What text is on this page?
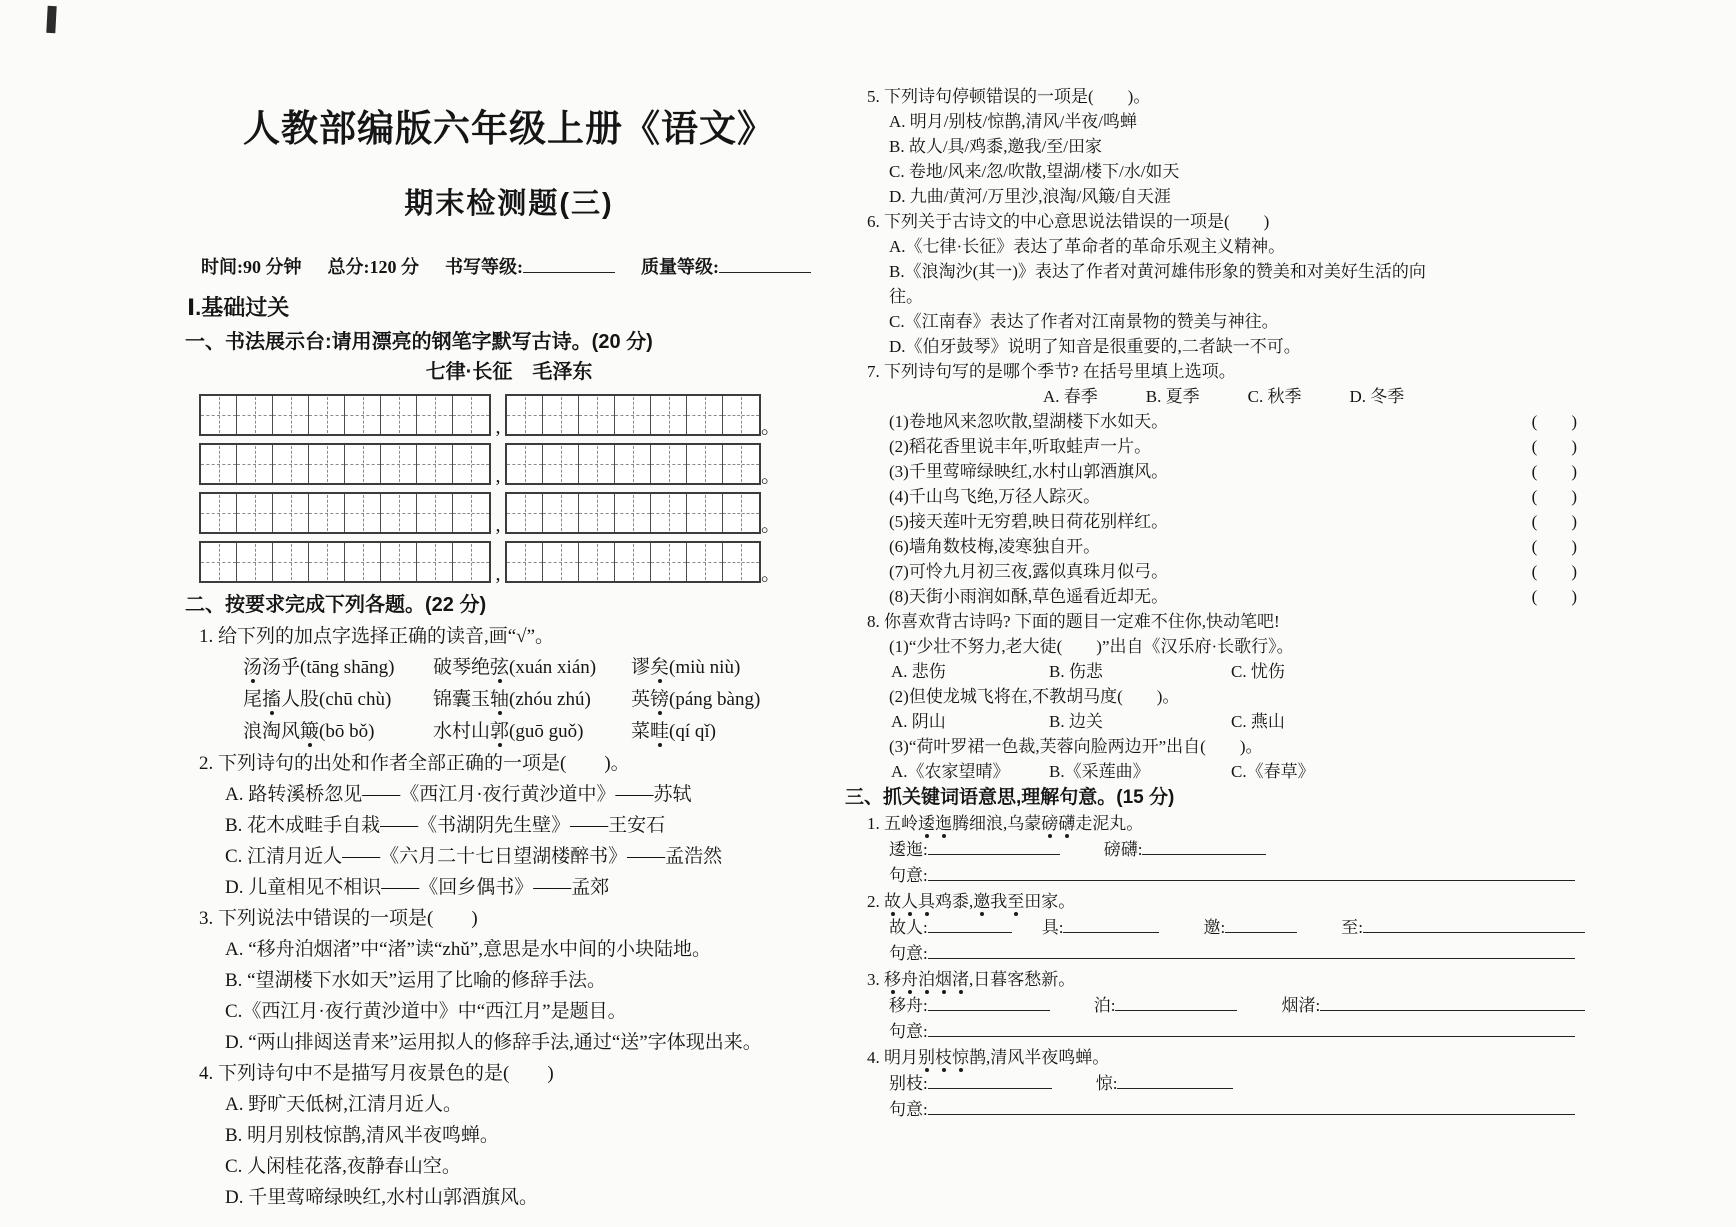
人教部编版六年级上册《语文》
期末检测题(三)
时间:90 分钟 总分:120 分 书写等级:	质量等级:
Ⅰ.基础过关
一、书法展示台:请用漂亮的钢笔字默写古诗。(20 分)
七律·长征　毛泽东
,	。
,	。
,	。
,	。
二、按要求完成下列各题。(22 分)
1. 给下列的加点字选择正确的读音,画“√”。
汤汤乎(tāng shāng)	破琴绝弦(xuán xián)	谬矣(miù niù)
尾搐人股(chū chù)	锦囊玉轴(zhóu zhú)	英镑(páng bàng)
浪淘风簸(bō bǒ)	水村山郭(guō guǒ)	菜畦(qí qǐ)
2. 下列诗句的出处和作者全部正确的一项是(　　)。
A. 路转溪桥忽见——《西江月·夜行黄沙道中》——苏轼
B. 花木成畦手自栽——《书湖阴先生壁》——王安石
C. 江清月近人——《六月二十七日望湖楼醉书》——孟浩然
D. 儿童相见不相识——《回乡偶书》——孟郊
3. 下列说法中错误的一项是(　　)
A. “移舟泊烟渚”中“渚”读“zhǔ”,意思是水中间的小块陆地。
B. “望湖楼下水如天”运用了比喻的修辞手法。
C.《西江月·夜行黄沙道中》中“西江月”是题目。
D. “两山排闼送青来”运用拟人的修辞手法,通过“送”字体现出来。
4. 下列诗句中不是描写月夜景色的是(　　)
A. 野旷天低树,江清月近人。
B. 明月别枝惊鹊,清风半夜鸣蝉。
C. 人闲桂花落,夜静春山空。
D. 千里莺啼绿映红,水村山郭酒旗风。
5. 下列诗句停顿错误的一项是(　　)。
A. 明月/别枝/惊鹊,清风/半夜/鸣蝉
B. 故人/具/鸡黍,邀我/至/田家
C. 卷地/风来/忽/吹散,望湖/楼下/水/如天
D. 九曲/黄河/万里沙,浪淘/风簸/自天涯
6. 下列关于古诗文的中心意思说法错误的一项是(　　)
A.《七律·长征》表达了革命者的革命乐观主义精神。
B.《浪淘沙(其一)》表达了作者对黄河雄伟形象的赞美和对美好生活的向往。
C.《江南春》表达了作者对江南景物的赞美与神往。
D.《伯牙鼓琴》说明了知音是很重要的,二者缺一不可。
7. 下列诗句写的是哪个季节? 在括号里填上选项。
A. 春季	B. 夏季	C. 秋季	D. 冬季
(1)卷地风来忽吹散,望湖楼下水如天。	(　　)
(2)稻花香里说丰年,听取蛙声一片。	(　　)
(3)千里莺啼绿映红,水村山郭酒旗风。	(　　)
(4)千山鸟飞绝,万径人踪灭。	(　　)
(5)接天莲叶无穷碧,映日荷花别样红。	(　　)
(6)墙角数枝梅,凌寒独自开。	(　　)
(7)可怜九月初三夜,露似真珠月似弓。	(　　)
(8)天街小雨润如酥,草色遥看近却无。	(　　)
8. 你喜欢背古诗吗? 下面的题目一定难不住你,快动笔吧!
(1)“少壮不努力,老大徒(　　)”出自《汉乐府·长歌行》。
A. 悲伤	B. 伤悲	C. 忧伤
(2)但使龙城飞将在,不教胡马度(　　)。
A. 阴山	B. 边关	C. 燕山
(3)“荷叶罗裙一色裁,芙蓉向脸两边开”出自(　　)。
A.《农家望晴》	B.《采莲曲》	C.《春草》
三、抓关键词语意思,理解句意。(15 分)
1. 五岭逶迤腾细浪,乌蒙磅礴走泥丸。
逶迤:	磅礴:
句意:
2. 故人具鸡黍,邀我至田家。
故人:	具:	邀:	至:
句意:
3. 移舟泊烟渚,日暮客愁新。
移舟:	泊:	烟渚:
句意:
4. 明月别枝惊鹊,清风半夜鸣蝉。
别枝:	惊:
句意:
